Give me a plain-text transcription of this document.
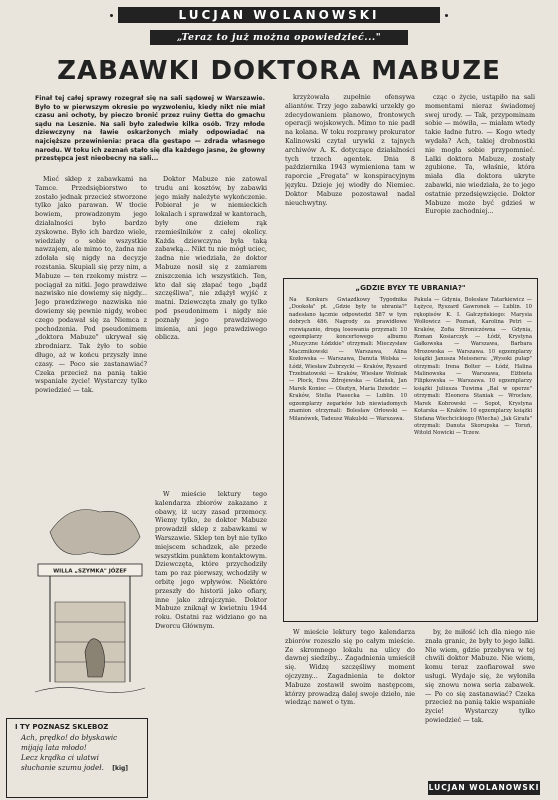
LUCJAN WOLANOWSKI
„Teraz to już można opowiedzieć..."
ZABAWKI DOKTORA MABUZE
Finał tej całej sprawy rozegrał się na sali sądowej w Warszawie. Było to w pierwszym okresie po wyzwoleniu, kiedy nikt nie miał czasu ani ochoty, by pieczo bronić przez ruiny Getta do gmachu sądu na Lesznie. Na sali było zaledwie kilka osób. Trzy młode dziewczyny na ławie oskarżonych miały odpowiadać na najcięższe przewinienia: praca dla gestapo — zdrada własnego narodu. W toku ich zeznań stało się dla każdego jasne, że głowny przestępca jest nieobecny na sali...

Mieć skłep z zabawkami na Tamce. Przedsiębiorstwo to zostało jednak przecież stworzone tylko jako parawan. W tłocie bowiem, prowadzonym jego działalności było bardzo zyskowne. Było ich bardzo wiele, wiedziały o sobie wszystkie nawzajem, ale mimo to, żadna nie zdołała się nigdy na decyzje rozstania. Skupiali się przy nim, a Mabuze — ten rzekomy mistrz — pociągał za nitki. Jego prawdziwe nazwisko nie dowiemy się nigdy... Jego prawdziwego nazwiska nie dowiemy się pewnie nigdy, wobec czego podawał się za Niemca z pochodzenia. Pod pseudonimem „doktora Mabuze" ukrywał się zbrodniarz. Tak żyło to sobie długo, aż w końcu przyszły inne czasy. — Poco sie zastanawiać? Czeka przecież na panią takie wspaniałe życie! Wystarczy tylko powiedzieć — tak.

Doktor Mabuze nie zatowal trudu ani kosztów, by zabawki jego miały należyte wykończenie. Pobierał je w niemieckich lokalach i sprawdzał w kantorach, były one dziełem rąk rzemieślników z całej okolicy. Każda dziewczyna była taką zabawką... Nikt tu nie mógł uciec, żadna nie wiedziała, że doktor Mabuze nosił się z zamiarem zniszczenia ich wszystkich. Ten, kto dał się złapać tego „bądź szczęśliwa", nie zdążył wyjść z matni. Dziewczęta znały go tylko pod pseudonimem i nigdy nie poznały jego prawdziwego imienia, ani jego prawdziwego oblicza.

krzyżowała zupełnie ofensywa aliantów. Trzy jego zabawki urzekły go zdecydowaniem planowo, frontowych operacji wojskowych. Mimo to nie padł na kolana. W toku rozprawy prokurator Kalinowski czytał urywki z tajnych archiwów A. K. dotyczące działalności tych trzech agentek. Dnia 8 października 1943 wymieniona tam w raporcie „Fregata" w konspiracyjnym języku. Dzieje jej wiodły do Niemiec. Doktor Mabuze pozostawał nadal nieuchwytny.

cząc o życie, ustąpiło na sali momentami nieraz świadomej swej urody. — Tak, przypominam sobie — mówiła, — miałam wtedy takie ładne futro. — Kogo wtedy wydała? Ach, takiej drobnostki nie mogła sobie przypomnieć. Lalki doktora Mabuze, zostały zgubione. Ta, właśnie, która miała dla doktora ukryte zabawki, nie wiedziała, że to jego ostatnie przedsięwzięcie. Doktor Mabuze może być gdzieś w Europie zachodniej...

„GDZIE BYŁY TE UBRANIA?"

Na Konkurs Gwiazdkowy Tygodnika „Dookoła" pt. „Gdzie były te ubrania?" nadesłano łącznie odpowiedzi 587 w tym dobrych 486. Nagrody za prawidłowe rozwiązanie, drogą losowania przyznali: 10 egzemplarzy koncertowego albumu „Muzyczne Łódzkie" otrzymali: Mieczysław Maczmikowski — Warszawa, Alina Kozłowska — Warszawa, Danuta Wolska — Łódź, Wiesław Zubrzycki — Kraków, Ryszard Trzebiatowski — Kraków, Wiesław Wolniak — Płock, Ewa Zdrojewska — Gdańsk, Jan Marek Koniec — Olsztyn, Maria Dziedzic — Kraków, Stella Piasecka — Lublin. 10 egzemplarzy zegarków lub niewiadomych znamion otrzymali: Bolesław Orłowski — Milanówek, Tadeusz Wakulski — Warszawa.

Pakula — Gdynia, Bolesław Tatarkiewicz — Łężyce, Ryszard Gawronek — Lublin. 10 rękopisów K. I. Gałczyńskiego: Marysia Wolłowicz — Poznań, Karolina Petri — Kraków, Zofia Stroniczówna — Gdynia, Roman Kosiarczyk — Łódź, Krystyna Gałkowska — Warszawa, Barbara Mrozowska — Warszawa. 10 egzemplarzy książki Janusza Meissnera: „Wysoki pułap" otrzymali: Irena Bolter — Łódź, Halina Malinowska — Warszawa, Elżbieta Filipkowska — Warszawa. 10 egzemplarzy książki Juliusza Tuwima „Bal w operze" otrzymali: Eleonora Staniak — Wrocław, Marek Kobrowski — Sopot, Krystyna Kotarska — Kraków. 10 egzemplarzy książki Stefana Wiechcickiego (Wiecha) „Jak Girafa" otrzymali: Danuta Skorupska — Toruń, Witold Nowicki — Tczew.

WILLA „SZYMKA" JÓZEF
I TY POZNASZ SKLEBOZ
Ach, prędko! do błyskawic
mijają lata młodo!
Lecz krądka ci ulatwi
słuchanie szumu jodeł. [kig]

W mieście lektury tego kalendarza zbiorów zakazano z obawy, iż uczy zasad przemocy. Wiemy tylko, że doktor Mabuze prowadził sklep z zabawkami w Warszawie. Sklep ten był nie tylko miejscem schadzek, ale przede wszystkim punktem kontaktowym. Dziewczęta, które przychodziły tam po raz pierwszy, wchodziły w orbitę jego wpływów. Niektóre przeszły do historii jako ofiary, inne jako zdrajczynie. Doktor Mabuze zniknął w kwietniu 1944 roku. Ostatni raz widziano go na Dworcu Głównym.

W mieście lektury tego kalendarza zbiorów rozeszło się po całym mieście. Ze skromnego lokalu na ulicy do dawnej siedziby... Zagadnienia umieścił się. Widzę szczęśliwy moment ojczyzny... Zagadnienia te doktor Mabuze zostawił swoim następcom, którzy prowadzą dalej swoje dzieło, nie wiedząc nawet o tym.

by, że miłość ich dla niego nie znała granic, że były to jego lalki. Nie wiem, gdzie przebywa w tej chwili doktor Mabuze. Nie wiem, komu teraz zaofiarował swe usługi. Wydaje się, że wyłoniła się znowu nowa seria zabawek. — Po co się zastanawiać? Czeka przecież na panią takie wspaniałe życie! Wystarczy tylko powiedzieć — tak.

LUCJAN WOLANOWSKI
